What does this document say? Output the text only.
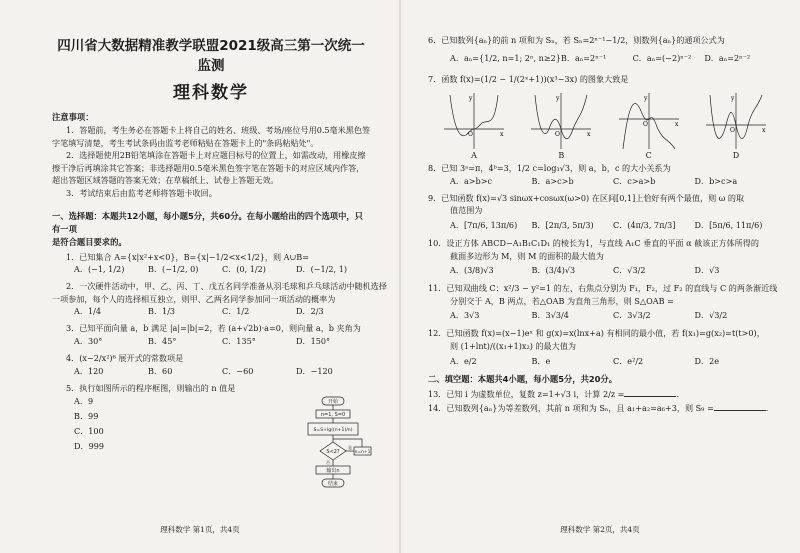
四川省大数据精准教学联盟2021级高三第一次统一监测
理科数学
注意事项：
1．答题前，考生务必在答题卡上将自己的姓名、班级、考场/座位号用0.5毫米黑色签
字笔填写清楚，考生考试条码由监考老师粘贴在答题卡上的"条码粘贴处"。
2．选择题使用2B铅笔填涂在答题卡上对应题目标号的位置上，如需改动，用橡皮擦
擦干净后再填涂其它答案；非选择题用0.5毫米黑色签字笔在答题卡的对应区域内作答，
超出答题区域答题的答案无效；在草稿纸上、试卷上答题无效。
3．考试结束后由监考老师将答题卡收回。
一、选择题：本题共12小题，每小题5分，共60分。在每小题给出的四个选项中，只有一项
是符合题目要求的。
1．已知集合 A={x|x²+x<0}，B={x|−1/2<x<1/2}，则 A∪B=
A．(−1, 1/2)	B．(−1/2, 0)	C．(0, 1/2)	D．(−1/2, 1)
2．一次硬件活动中，甲、乙、丙、丁、戊五名同学准备从羽毛球和乒乓球活动中随机选择
一项参加，每个人的选择相互独立，则甲、乙两名同学参加同一项活动的概率为
A．1/4	B．1/3	C．1/2	D．2/3
3．已知平面向量 a，b 满足 |a|=|b|=2，若 (a+√2b)·a=0，则向量 a，b 夹角为
A．30°	B．45°	C．135°	D．150°
4．(x−2/x²)⁶ 展开式的常数项是
A．120	B．60	C．−60	D．−120
5．执行如图所示的程序框图，则输出的 n 值是
A．9
B．99
C．100
D．999
开始
n=1, S=0
S=S+lg((n+1)/n)
S<2?
是
否
n=n+1
输出n
结束
理科数学 第1页，共4页
6．已知数列{aₙ}的前 n 项和为 Sₙ，若 Sₙ=2ⁿ⁻¹−1/2，则数列{aₙ}的通项公式为
A．aₙ={1/2, n=1; 2ⁿ, n≥2} B．aₙ=2ⁿ⁻¹	C．aₙ=(−2)ⁿ⁻²	D．aₙ=2ⁿ⁻²
7．函数 f(x)=(1/2 − 1/(2ˣ+1))(x³−3x) 的图象大致是
y
x
O
A
y
x
O
B
y
x
O
C
y
x
O
D
8．已知 3ᵃ=π，4ᵇ=3，1/2 c=log₃√3，则 a，b，c 的大小关系为
A．a>b>c	B．a>c>b	C．c>a>b	D．b>c>a
9．已知函数 f(x)=√3 sinωx+cosωx(ω>0) 在区间[0,1]上恰好有两个最值，则 ω 的取
值范围为
A．[7π/6, 13π/6)	B．[2π/3, 5π/3)	C．(4π/3, 7π/3]	D．[5π/6, 11π/6)
10．设正方体 ABCD−A₁B₁C₁D₁ 的棱长为1，与直线 A₁C 垂直的平面 α 截该正方体所得的
截面多边形为 M，则 M 的面积的最大值为
A．(3/8)√3	B．(3/4)√3	C．√3/2	D．√3
11．已知双曲线 C：x²/3 − y²=1 的左、右焦点分别为 F₁，F₂，过 F₂ 的直线与 C 的两条渐近线
分别交于 A，B 两点，若△OAB 为直角三角形，则 S△OAB =
A．3√3	B．3√3/4	C．3√3/2	D．√3/2
12．已知函数 f(x)=(x−1)eˣ 和 g(x)=x(lnx+a) 有相同的最小值，若 f(x₁)=g(x₂)=t(t>0)，
则 (1+lnt)/((x₁+1)x₂) 的最大值为
A．e/2	B．e	C．e²/2	D．2e
二、填空题：本题共4小题，每小题5分，共20分。
13．已知 i 为虚数单位，复数 z=1+√3 i，计算 2/z =	.
14．已知数列{aₙ}为等差数列，其前 n 项和为 Sₙ，且 a₁+a₂=a₆+3，则 S₉ =	.
理科数学 第2页，共4页
